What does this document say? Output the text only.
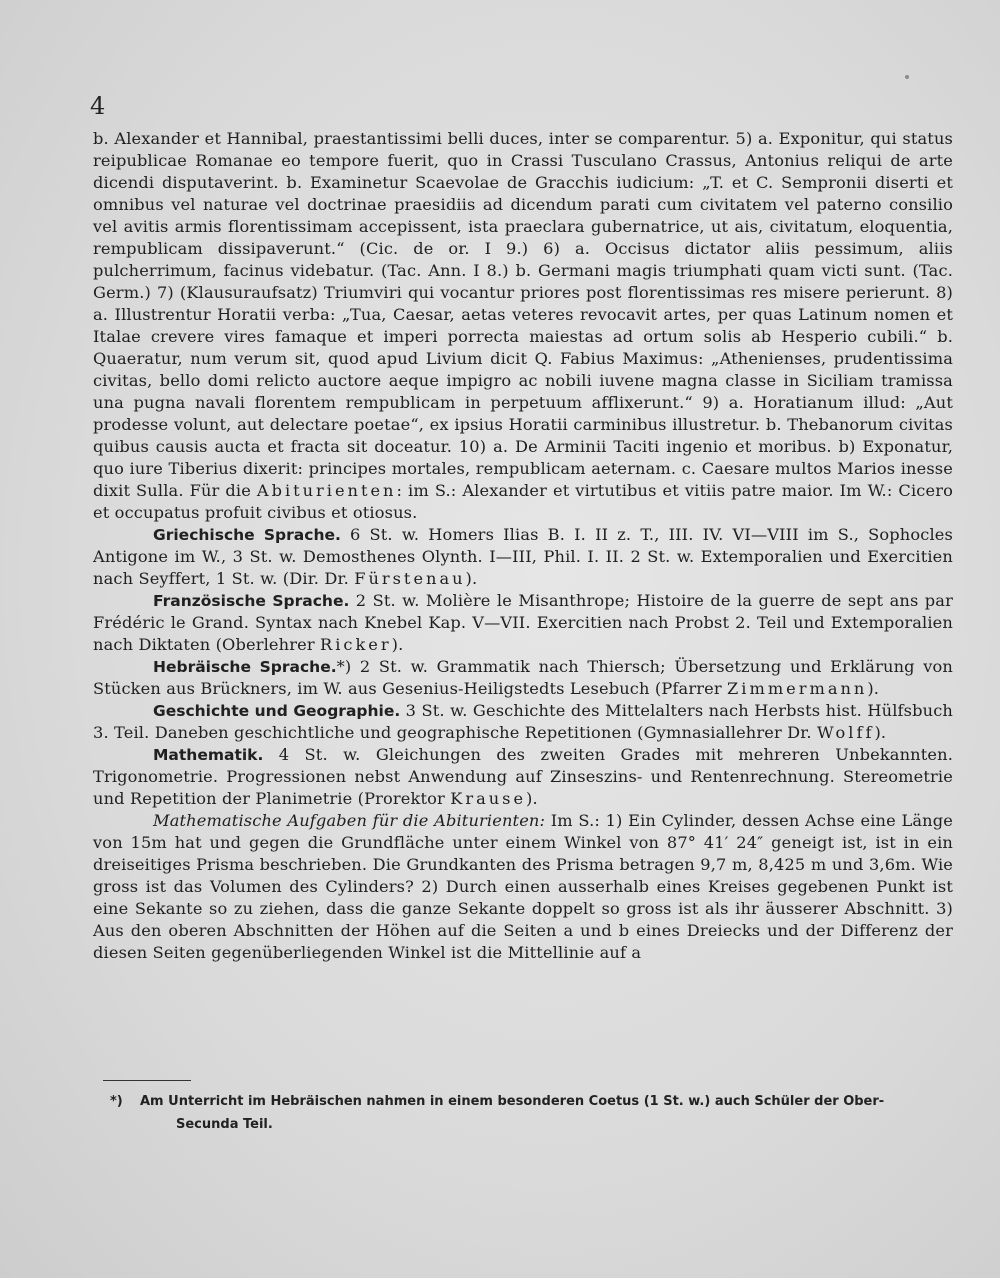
4

b. Alexander et Hannibal, praestantissimi belli duces, inter se comparentur. 5) a. Exponitur, qui status reipublicae Romanae eo tempore fuerit, quo in Crassi Tusculano Crassus, Antonius reliqui de arte dicendi disputaverint. b. Examinetur Scaevolae de Gracchis iudicium: „T. et C. Sempronii diserti et omnibus vel naturae vel doctrinae praesidiis ad dicendum parati cum civitatem vel paterno consilio vel avitis armis florentissimam accepissent, ista praeclara gubernatrice, ut ais, civitatum, eloquentia, rempublicam dissipaverunt.“ (Cic. de or. I 9.) 6) a. Occisus dictator aliis pessimum, aliis pulcherrimum, facinus videbatur. (Tac. Ann. I 8.) b. Germani magis triumphati quam victi sunt. (Tac. Germ.) 7) (Klausuraufsatz) Triumviri qui vocantur priores post florentissimas res misere perierunt. 8) a. Illustrentur Horatii verba: „Tua, Caesar, aetas veteres revocavit artes, per quas Latinum nomen et Italae crevere vires famaque et imperi porrecta maiestas ad ortum solis ab Hesperio cubili.“ b. Quaeratur, num verum sit, quod apud Livium dicit Q. Fabius Maximus: „Athenienses, prudentissima civitas, bello domi relicto auctore aeque impigro ac nobili iuvene magna classe in Siciliam tramissa una pugna navali florentem rempublicam in perpetuum afflixerunt.“ 9) a. Horatianum illud: „Aut prodesse volunt, aut delectare poetae“, ex ipsius Horatii carminibus illustretur. b. Thebanorum civitas quibus causis aucta et fracta sit doceatur. 10) a. De Arminii Taciti ingenio et moribus. b) Exponatur, quo iure Tiberius dixerit: principes mortales, rempublicam aeternam. c. Caesare multos Marios inesse dixit Sulla. Für die Abiturienten: im S.: Alexander et virtutibus et vitiis patre maior. Im W.: Cicero et occupatus profuit civibus et otiosus.

Griechische Sprache. 6 St. w. Homers Ilias B. I. II z. T., III. IV. VI—VIII im S., Sophocles Antigone im W., 3 St. w. Demosthenes Olynth. I—III, Phil. I. II. 2 St. w. Extemporalien und Exercitien nach Seyffert, 1 St. w. (Dir. Dr. Fürstenau).

Französische Sprache. 2 St. w. Molière le Misanthrope; Histoire de la guerre de sept ans par Frédéric le Grand. Syntax nach Knebel Kap. V—VII. Exercitien nach Probst 2. Teil und Extemporalien nach Diktaten (Oberlehrer Ricker).

Hebräische Sprache.*) 2 St. w. Grammatik nach Thiersch; Übersetzung und Erklärung von Stücken aus Brückners, im W. aus Gesenius-Heiligstedts Lesebuch (Pfarrer Zimmermann).

Geschichte und Geographie. 3 St. w. Geschichte des Mittelalters nach Herbsts hist. Hülfsbuch 3. Teil. Daneben geschichtliche und geographische Repetitionen (Gymnasiallehrer Dr. Wolff).

Mathematik. 4 St. w. Gleichungen des zweiten Grades mit mehreren Unbekannten. Trigonometrie. Progressionen nebst Anwendung auf Zinseszins- und Rentenrechnung. Stereometrie und Repetition der Planimetrie (Prorektor Krause).

Mathematische Aufgaben für die Abiturienten: Im S.: 1) Ein Cylinder, dessen Achse eine Länge von 15m hat und gegen die Grundfläche unter einem Winkel von 87° 41′ 24″ geneigt ist, ist in ein dreiseitiges Prisma beschrieben. Die Grundkanten des Prisma betragen 9,7 m, 8,425 m und 3,6m. Wie gross ist das Volumen des Cylinders? 2) Durch einen ausserhalb eines Kreises gegebenen Punkt ist eine Sekante so zu ziehen, dass die ganze Sekante doppelt so gross ist als ihr äusserer Abschnitt. 3) Aus den oberen Abschnitten der Höhen auf die Seiten a und b eines Dreiecks und der Differenz der diesen Seiten gegenüberliegenden Winkel ist die Mittellinie auf a

*) Am Unterricht im Hebräischen nahmen in einem besonderen Coetus (1 St. w.) auch Schüler der Ober-
Secunda Teil.
